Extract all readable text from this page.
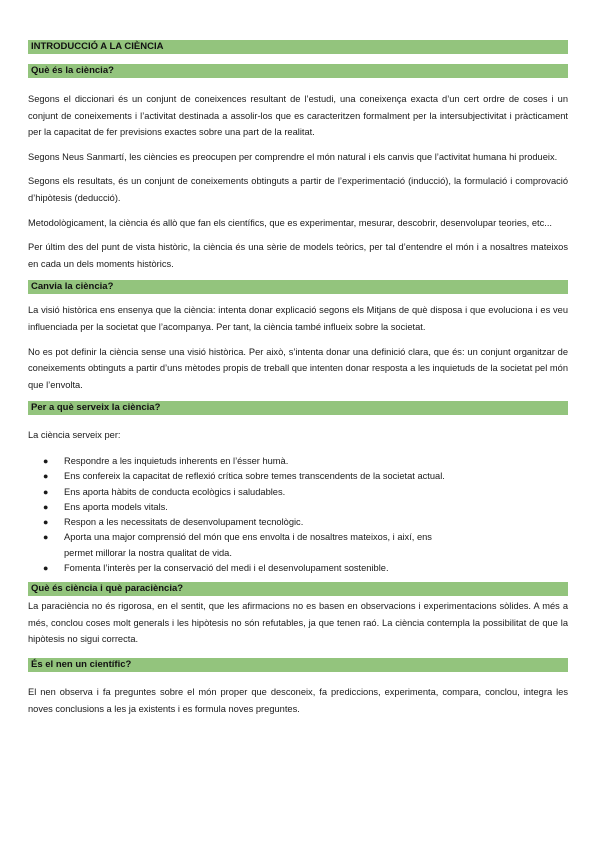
INTRODUCCIÓ A LA CIÈNCIA
Què és la ciència?

Segons el diccionari és un conjunt de coneixences resultant de l’estudi, una coneixença exacta d’un cert ordre de coses i un conjunt de coneixements i l’activitat destinada a assolir-los que es caracteritzen formalment per la intersubjectivitat i pràcticament per la capacitat de fer previsions exactes sobre una part de la realitat.

Segons Neus Sanmartí, les ciències es preocupen per comprendre el món natural i els canvis que l’activitat humana hi produeix.

Segons els resultats, és un conjunt de coneixements obtinguts a partir de l’experimentació (inducció), la formulació i comprovació d’hipòtesis (deducció).

Metodològicament, la ciència és allò que fan els científics, que es experimentar, mesurar, descobrir, desenvolupar teories, etc...

Per últim des del punt de vista històric, la ciència és una sèrie de models teòrics, per tal d’entendre el món i a nosaltres mateixos en cada un dels moments històrics.

Canvia la ciència?

La visió històrica ens ensenya que la ciència: intenta donar explicació segons els Mitjans de què disposa i que evoluciona i es veu influenciada per la societat que l’acompanya. Per tant, la ciència també influeix sobre la societat.

No es pot definir la ciència sense una visió històrica. Per això, s’intenta donar una definició clara, que és: un conjunt organitzar de coneixements obtinguts a partir d’uns mètodes propis de treball que intenten donar resposta a les inquietuds de la societat pel món que l’envolta.

Per a què serveix la ciència?

La ciència serveix per:

● Respondre a les inquietuds inherents en l’ésser humà.
● Ens confereix la capacitat de reflexió crítica sobre temes transcendents de la societat actual.
● Ens aporta hàbits de conducta ecològics i saludables.
● Ens aporta models vitals.
● Respon a les necessitats de desenvolupament tecnològic.
● Aporta una major comprensió del món que ens envolta i de nosaltres mateixos, i així, ens permet millorar la nostra qualitat de vida.
● Fomenta l’interès per la conservació del medi i el desenvolupament sostenible.
Què és ciència i què paraciència?

La paraciència no és rigorosa, en el sentit, que les afirmacions no es basen en observacions i experimentacions sòlides. A més a més, conclou coses molt generals i les hipòtesis no són refutables, ja que tenen raó. La ciència contempla la possibilitat de que la hipòtesis no sigui correcta.

És el nen un científic?

El nen observa i fa preguntes sobre el món proper que desconeix, fa prediccions, experimenta, compara, conclou, integra les noves conclusions a les ja existents i es formula noves preguntes.
